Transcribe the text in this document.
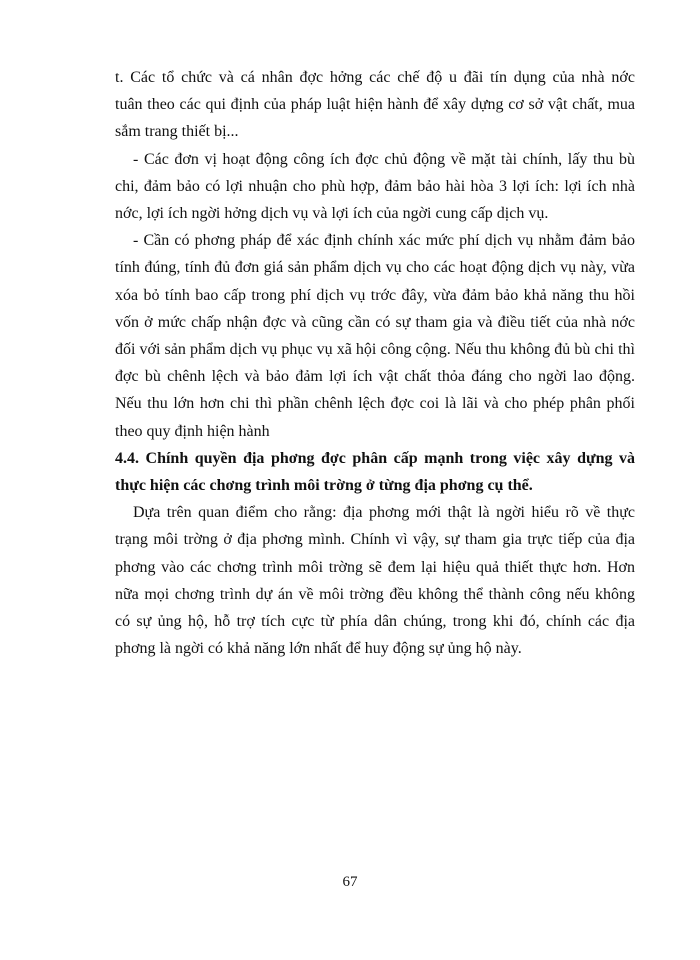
t. Các tổ chức và cá nhân đợc hởng các chế độ u đãi tín dụng của nhà nớc
tuân theo các qui định của pháp luật hiện hành để xây dựng cơ sở vật chất, mua
sắm trang thiết bị...
- Các đơn vị hoạt động công ích đợc chủ động về mặt tài chính, lấy thu bù
chi, đảm bảo có lợi nhuận cho phù hợp, đảm bảo hài hòa 3 lợi ích: lợi ích nhà
nớc, lợi ích ngời hởng dịch vụ và lợi ích của ngời cung cấp dịch vụ.
- Cần có phơng pháp để xác định chính xác mức phí dịch vụ nhằm đảm bảo
tính đúng, tính đủ đơn giá sản phẩm dịch vụ cho các hoạt động dịch vụ này, vừa
xóa bỏ tính bao cấp trong phí dịch vụ trớc đây, vừa đảm bảo khả năng thu hồi
vốn ở mức chấp nhận đợc và cũng cần có sự tham gia và điều tiết của nhà nớc
đối với sản phẩm dịch vụ phục vụ xã hội công cộng. Nếu thu không đủ bù chi thì
đợc bù chênh lệch và bảo đảm lợi ích vật chất thỏa đáng cho ngời lao động.
Nếu thu lớn hơn chi thì phần chênh lệch đợc coi là lãi và cho phép phân phối
theo quy định hiện hành
4.4. Chính quyền địa phơng đợc phân cấp mạnh trong việc xây dựng và
thực hiện các chơng trình môi trờng ở từng địa phơng cụ thể.
Dựa trên quan điểm cho rằng: địa phơng mới thật là ngời hiểu rõ về thực
trạng môi trờng ở địa phơng mình. Chính vì vậy, sự tham gia trực tiếp của địa
phơng vào các chơng trình môi trờng sẽ đem lại hiệu quả thiết thực hơn. Hơn
nữa mọi chơng trình dự án về môi trờng đều không thể thành công nếu không
có sự ủng hộ, hỗ trợ tích cực từ phía dân chúng, trong khi đó, chính các địa
phơng là ngời có khả năng lớn nhất để huy động sự ủng hộ này.
67
